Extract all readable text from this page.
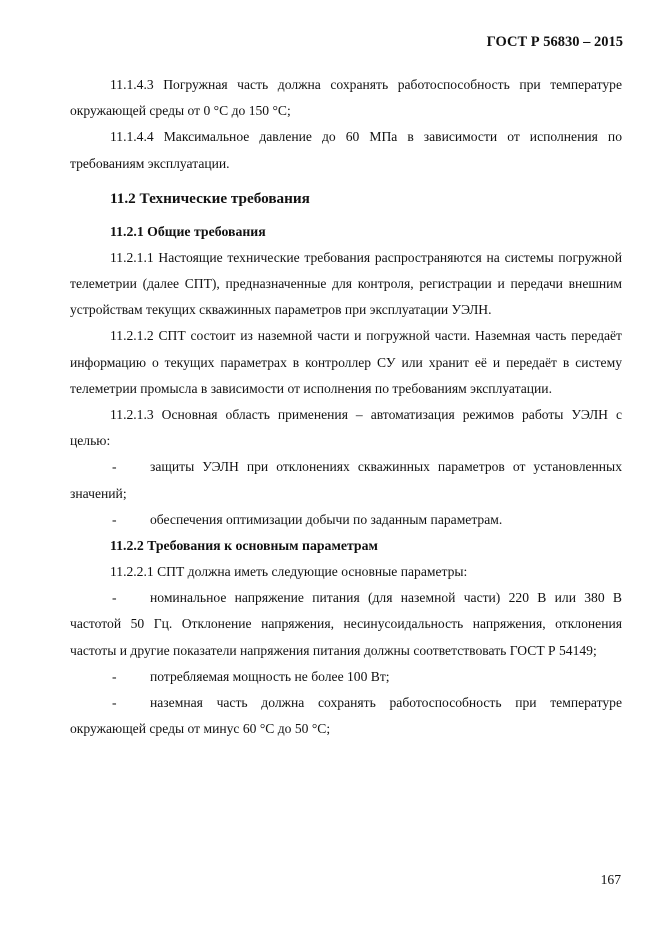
ГОСТ Р 56830 – 2015

11.1.4.3 Погружная часть должна сохранять работоспособность при температуре окружающей среды от 0 °С до 150 °С;

11.1.4.4 Максимальное давление до 60 МПа в зависимости от исполнения по требованиям эксплуатации.

11.2 Технические требования

11.2.1 Общие требования

11.2.1.1 Настоящие технические требования распространяются на системы погружной телеметрии (далее СПТ), предназначенные для контроля, регистрации и передачи внешним устройствам текущих скважинных параметров при эксплуатации УЭЛН.

11.2.1.2 СПТ состоит из наземной части и погружной части. Наземная часть передаёт информацию о текущих параметрах в контроллер СУ или хранит её и передаёт в систему телеметрии промысла в зависимости от исполнения по требованиям эксплуатации.

11.2.1.3 Основная область применения – автоматизация режимов работы УЭЛН с целью:

- защиты УЭЛН при отклонениях скважинных параметров от установленных значений;

- обеспечения оптимизации добычи по заданным параметрам.

11.2.2 Требования к основным параметрам

11.2.2.1 СПТ должна иметь следующие основные параметры:

- номинальное напряжение питания (для наземной части) 220 В или 380 В частотой 50 Гц. Отклонение напряжения, несинусоидальность напряжения, отклонения частоты и другие показатели напряжения питания должны соответствовать ГОСТ Р 54149;

- потребляемая мощность не более 100 Вт;

- наземная часть должна сохранять работоспособность при температуре окружающей среды от минус 60 °С до 50 °С;

167
